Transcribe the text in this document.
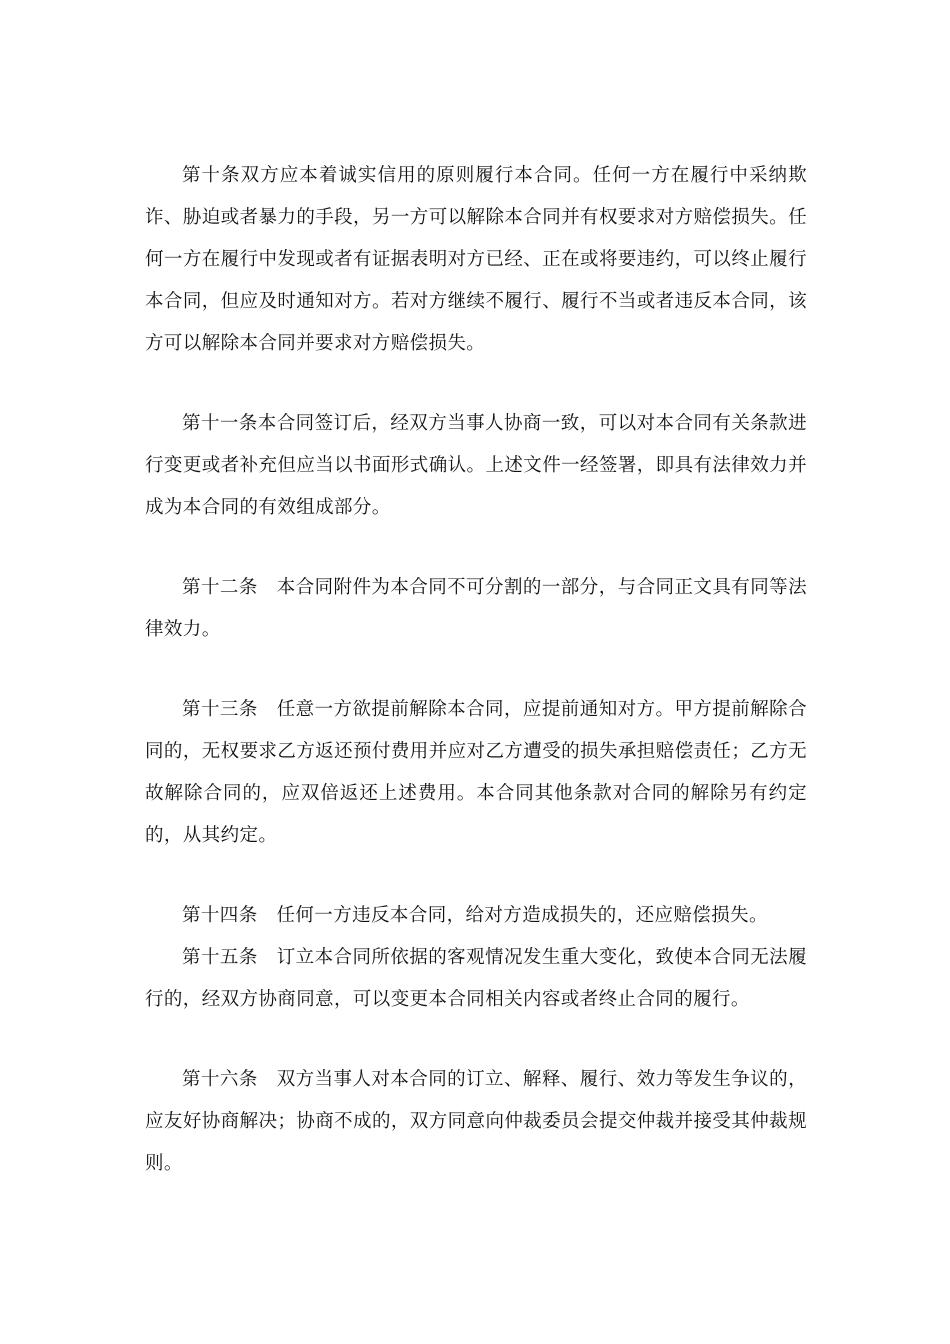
第十条双方应本着诚实信用的原则履行本合同。任何一方在履行中采纳欺诈、胁迫或者暴力的手段，另一方可以解除本合同并有权要求对方赔偿损失。任何一方在履行中发现或者有证据表明对方已经、正在或将要违约，可以终止履行本合同，但应及时通知对方。若对方继续不履行、履行不当或者违反本合同，该方可以解除本合同并要求对方赔偿损失。

第十一条本合同签订后，经双方当事人协商一致，可以对本合同有关条款进行变更或者补充但应当以书面形式确认。上述文件一经签署，即具有法律效力并成为本合同的有效组成部分。

第十二条　本合同附件为本合同不可分割的一部分，与合同正文具有同等法律效力。

第十三条　任意一方欲提前解除本合同，应提前通知对方。甲方提前解除合同的，无权要求乙方返还预付费用并应对乙方遭受的损失承担赔偿责任；乙方无故解除合同的，应双倍返还上述费用。本合同其他条款对合同的解除另有约定的，从其约定。

第十四条　任何一方违反本合同，给对方造成损失的，还应赔偿损失。

第十五条　订立本合同所依据的客观情况发生重大变化，致使本合同无法履行的，经双方协商同意，可以变更本合同相关内容或者终止合同的履行。

第十六条　双方当事人对本合同的订立、解释、履行、效力等发生争议的，应友好协商解决；协商不成的，双方同意向仲裁委员会提交仲裁并接受其仲裁规则。
